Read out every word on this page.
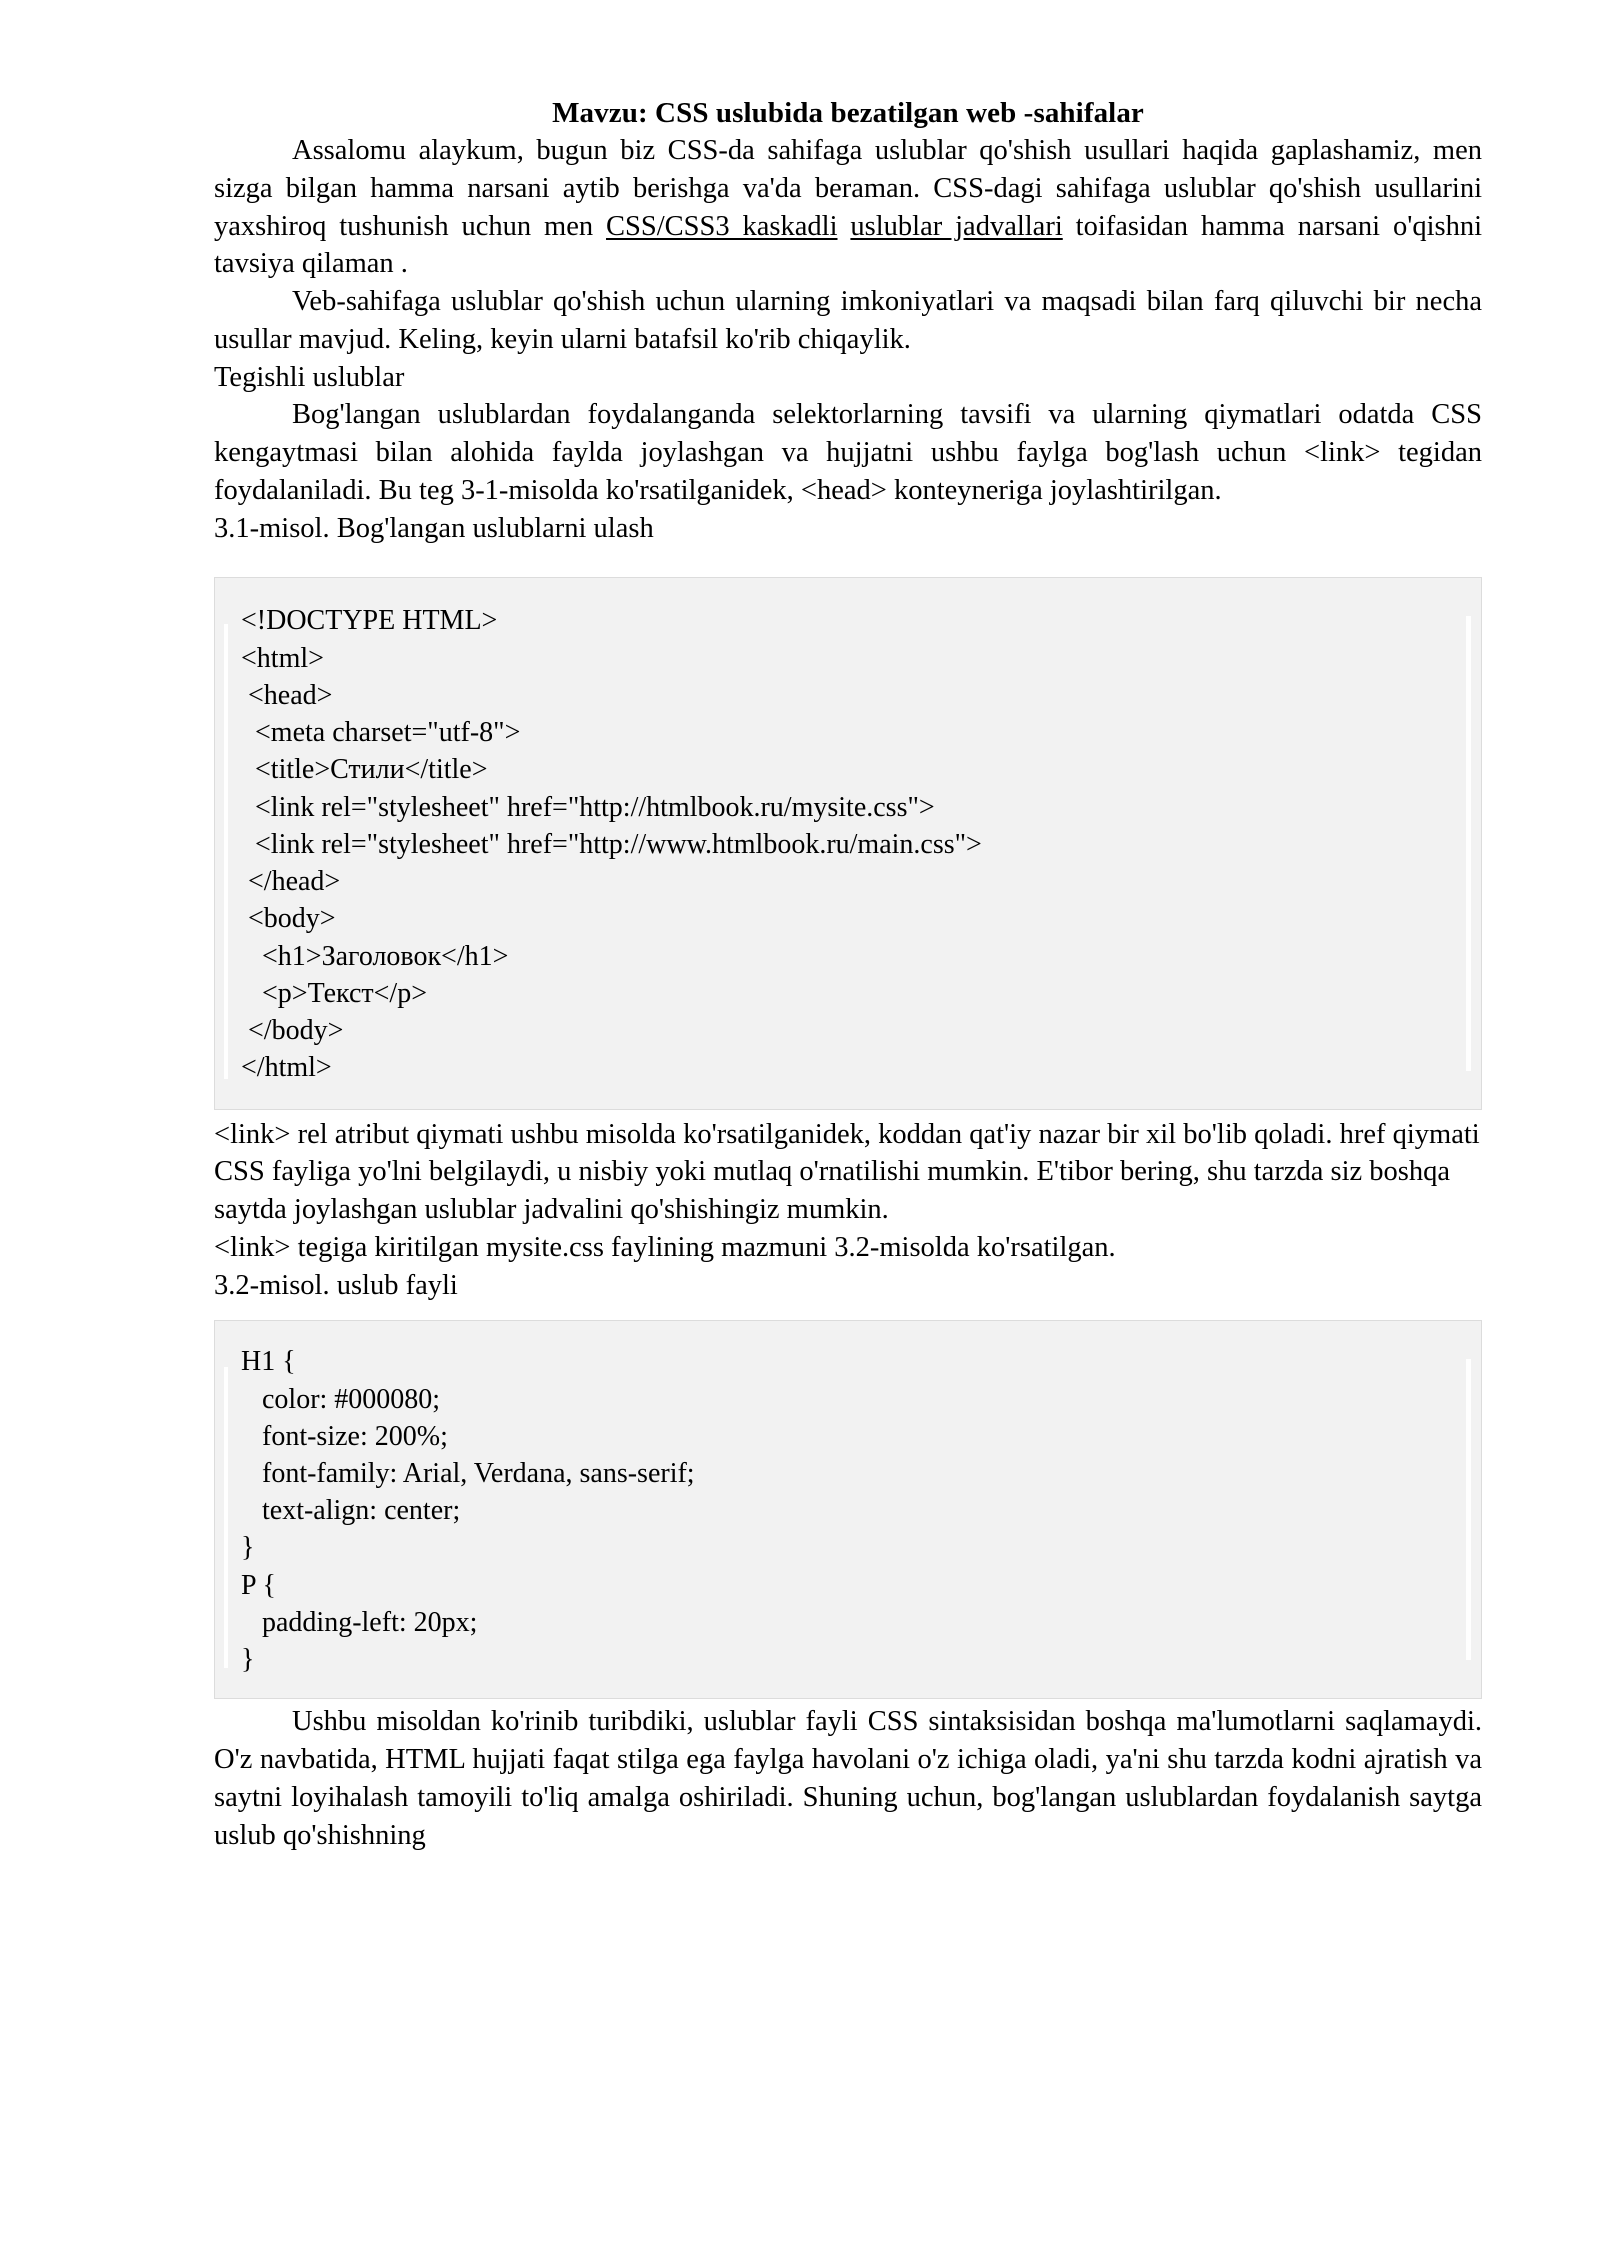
Mavzu: CSS uslubida bezatilgan web -sahifalar

Assalomu alaykum, bugun biz CSS-da sahifaga uslublar qo'shish usullari haqida gaplashamiz, men sizga bilgan hamma narsani aytib berishga va'da beraman. CSS-dagi sahifaga uslublar qo'shish usullarini yaxshiroq tushunish uchun men CSS/CSS3 kaskadli uslublar jadvallari toifasidan hamma narsani o'qishni tavsiya qilaman .

Veb-sahifaga uslublar qo'shish uchun ularning imkoniyatlari va maqsadi bilan farq qiluvchi bir necha usullar mavjud. Keling, keyin ularni batafsil ko'rib chiqaylik.

Tegishli uslublar

Bog'langan uslublardan foydalanganda selektorlarning tavsifi va ularning qiymatlari odatda CSS kengaytmasi bilan alohida faylda joylashgan va hujjatni ushbu faylga bog'lash uchun <link> tegidan foydalaniladi. Bu teg 3-1-misolda ko'rsatilganidek, <head> konteyneriga joylashtirilgan.

3.1-misol. Bog'langan uslublarni ulash
<!DOCTYPE HTML>
<html>
<head>
<meta charset="utf-8">
<title>Стили</title>
<link rel="stylesheet" href="http://htmlbook.ru/mysite.css">
<link rel="stylesheet" href="http://www.htmlbook.ru/main.css">
</head>
<body>
<h1>Заголовок</h1>
<p>Текст</p>
</body>
</html>

<link> rel atribut qiymati ushbu misolda ko'rsatilganidek, koddan qat'iy nazar bir xil bo'lib qoladi. href qiymati CSS fayliga yo'lni belgilaydi, u nisbiy yoki mutlaq o'rnatilishi mumkin. E'tibor bering, shu tarzda siz boshqa saytda joylashgan uslublar jadvalini qo'shishingiz mumkin.

<link> tegiga kiritilgan mysite.css faylining mazmuni 3.2-misolda ko'rsatilgan.
3.2-misol. uslub fayli
H1 {
color: #000080;
font-size: 200%;
font-family: Arial, Verdana, sans-serif;
text-align: center;
}
P {
padding-left: 20px;
}

Ushbu misoldan ko'rinib turibdiki, uslublar fayli CSS sintaksisidan boshqa ma'lumotlarni saqlamaydi. O'z navbatida, HTML hujjati faqat stilga ega faylga havolani o'z ichiga oladi, ya'ni shu tarzda kodni ajratish va saytni loyihalash tamoyili to'liq amalga oshiriladi. Shuning uchun, bog'langan uslublardan foydalanish saytga uslub qo'shishning
